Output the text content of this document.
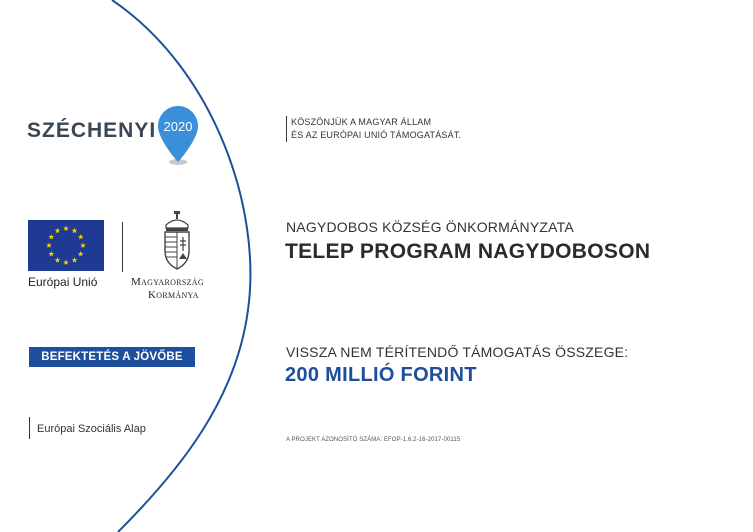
SZÉCHENYI 2020
Európai Unió	Magyarország
Kormánya
BEFEKTETÉS A JÖVŐBE
Európai Szociális Alap
KÖSZÖNJÜK A MAGYAR ÁLLAM
ÉS AZ EURÓPAI UNIÓ TÁMOGATÁSÁT.
NAGYDOBOS KÖZSÉG ÖNKORMÁNYZATA
TELEP PROGRAM NAGYDOBOSON
VISSZA NEM TÉRÍTENDŐ TÁMOGATÁS ÖSSZEGE:
200 MILLIÓ FORINT
A PROJEKT AZONOSÍTÓ SZÁMA: EFOP-1.6.2-16-2017-00115
